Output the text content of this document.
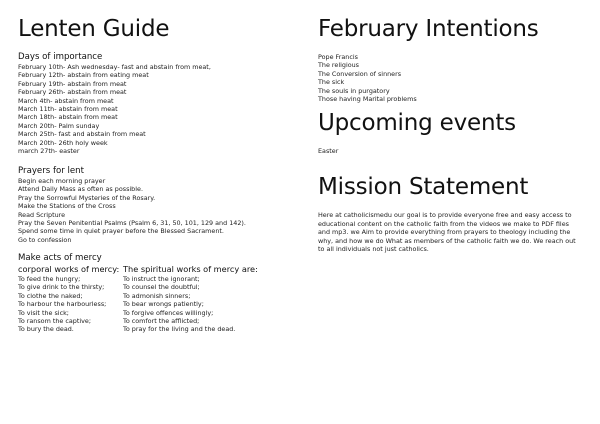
Lenten Guide
Days of importance
February 10th- Ash wednesday- fast and abstain from meat,
February 12th- abstain from eating meat
February 19th- abstain from meat
February 26th- abstain from meat
March 4th- abstain from meat
March 11th- abstain from meat
March 18th- abstain from meat
March 20th- Palm sunday
March 25th- fast and abstain from meat
March 20th- 26th holy week
march 27th- easter
Prayers for lent
Begin each morning prayer
Attend Daily Mass as often as possible.
Pray the Sorrowful Mysteries of the Rosary.
Make the Stations of the Cross
Read Scripture
Pray the Seven Penitential Psalms (Psalm 6, 31, 50, 101, 129 and 142).
Spend some time in quiet prayer before the Blessed Sacrament.
Go to confession
Make acts of mercy
corporal works of mercy:
To feed the hungry;
To give drink to the thirsty;
To clothe the naked;
To harbour the harbourless;
To visit the sick;
To ransom the captive;
To bury the dead.
The spiritual works of mercy are:
To instruct the ignorant;
To counsel the doubtful;
To admonish sinners;
To bear wrongs patiently;
To forgive offences willingly;
To comfort the afflicted;
To pray for the living and the dead.
February Intentions
Pope Francis
The religious
The Conversion of sinners
The sick
The souls in purgatory
Those having Marital problems
Upcoming events
Easter
Mission Statement
Here at catholicismedu our goal is to provide everyone free and easy access to educational content on the catholic faith from the videos we make to PDF files and mp3. we Aim to provide everything from prayers to theology including the why, and how we do What as members of the catholic faith we do. We reach out to all individuals not just catholics.
